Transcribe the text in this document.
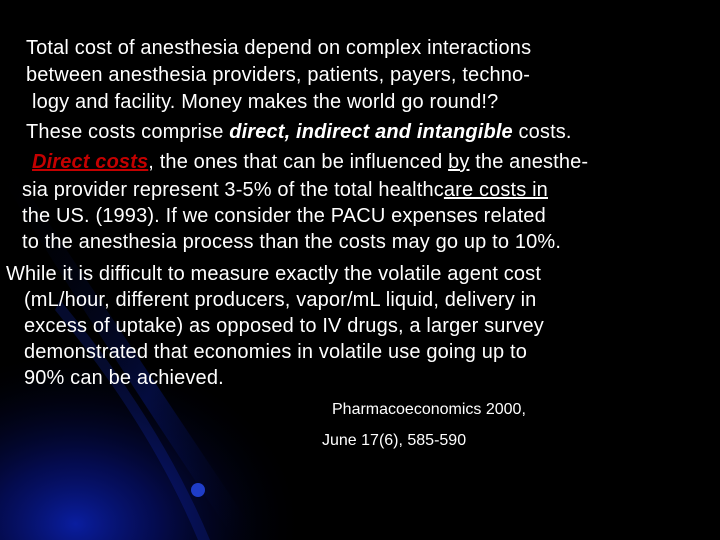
Total cost of anesthesia depend on complex interactions
between anesthesia providers, patients, payers, techno-
logy and facility. Money makes the world go round!?
These costs comprise direct, indirect and intangible costs.
Direct costs, the ones that can be influenced by the anesthe-
sia provider represent 3-5% of the total healthcare costs in
the US. (1993). If we consider the PACU expenses related
to the anesthesia process than the costs may go up to 10%.
While it is difficult to measure exactly the volatile agent cost
(mL/hour, different producers, vapor/mL liquid, delivery in
excess of uptake) as opposed to IV drugs, a larger survey
demonstrated that economies in volatile use going up to
90% can be achieved.
Pharmacoeconomics 2000,
June 17(6), 585-590
